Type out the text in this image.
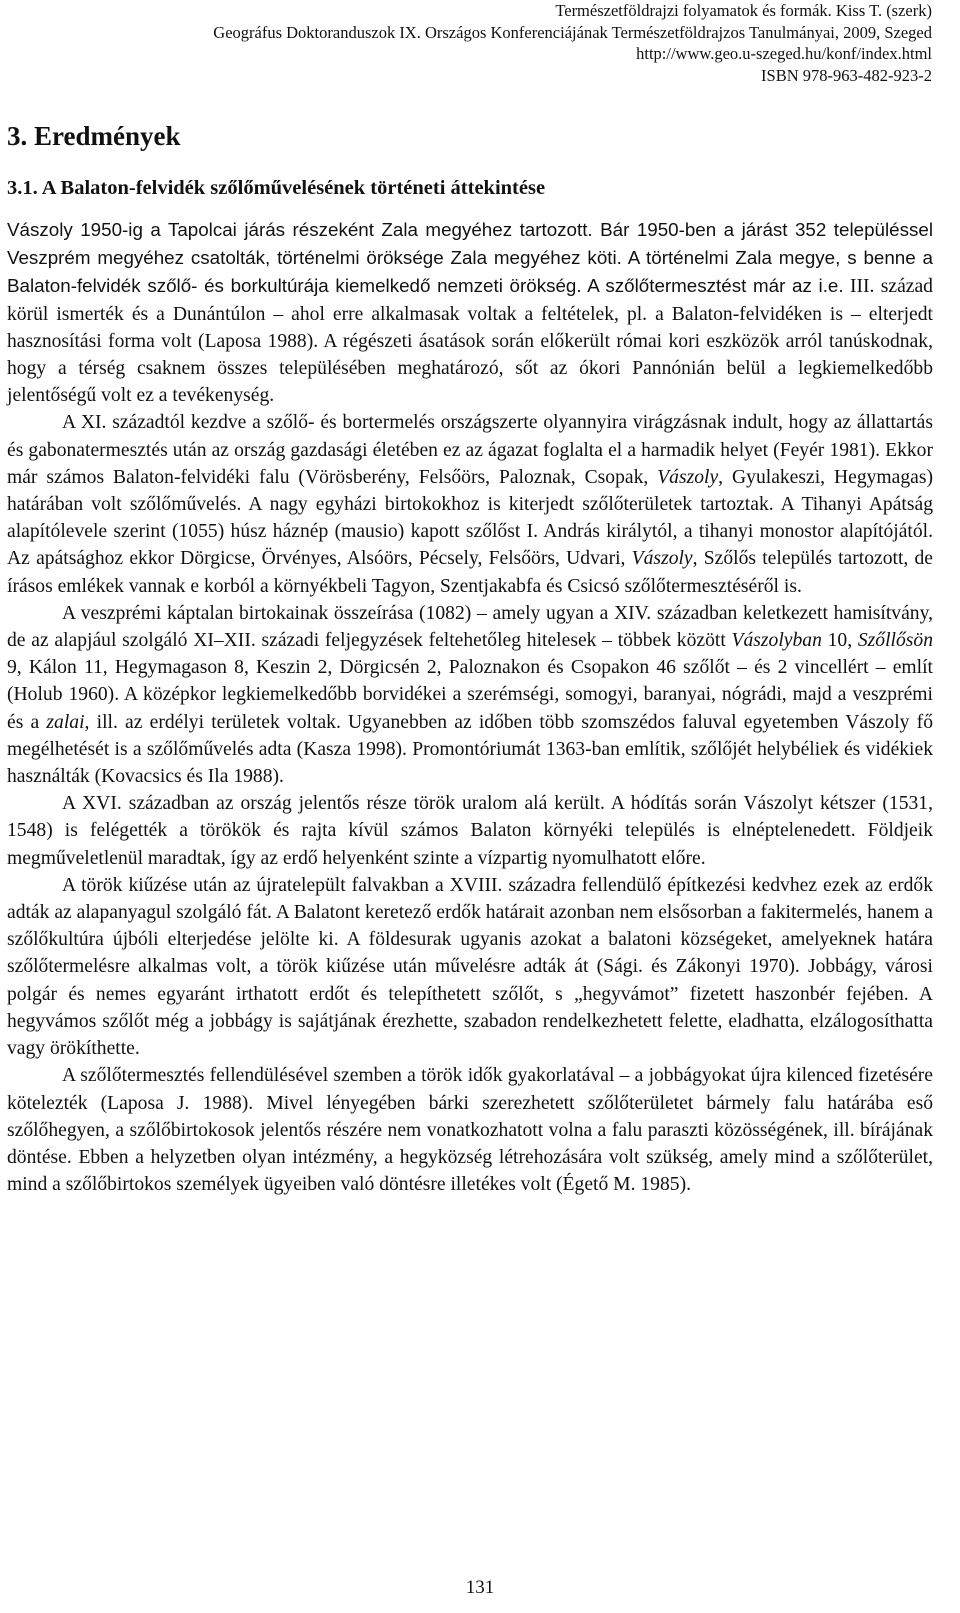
Természetföldrajzi folyamatok és formák. Kiss T. (szerk)
Geográfus Doktoranduszok IX. Országos Konferenciájának Természetföldrajzos Tanulmányai, 2009, Szeged
http://www.geo.u-szeged.hu/konf/index.html
ISBN 978-963-482-923-2
3. Eredmények
3.1. A Balaton-felvidék szőlőművelésének történeti áttekintése

Vászoly 1950-ig a Tapolcai járás részeként Zala megyéhez tartozott. Bár 1950-ben a járást 352 településsel Veszprém megyéhez csatolták, történelmi öröksége Zala megyéhez köti. A történelmi Zala megye, s benne a Balaton-felvidék szőlő- és borkultúrája kiemelkedő nemzeti örökség. A szőlőtermesztést már az i.e. III. század körül ismerték és a Dunántúlon – ahol erre alkalmasak voltak a feltételek, pl. a Balaton-felvidéken is – elterjedt hasznosítási forma volt (Laposa 1988). A régészeti ásatások során előkerült római kori eszközök arról tanúskodnak, hogy a térség csaknem összes településében meghatározó, sőt az ókori Pannónián belül a legkiemelkedőbb jelentőségű volt ez a tevékenység.

A XI. századtól kezdve a szőlő- és bortermelés országszerte olyannyira virágzásnak indult, hogy az állattartás és gabonatermesztés után az ország gazdasági életében ez az ágazat foglalta el a harmadik helyet (Feyér 1981). Ekkor már számos Balaton-felvidéki falu (Vörösberény, Felsőörs, Paloznak, Csopak, Vászoly, Gyulakeszi, Hegymagas) határában volt szőlőművelés. A nagy egyházi birtokokhoz is kiterjedt szőlőterületek tartoztak. A Tihanyi Apátság alapítólevele szerint (1055) húsz háznép (mausio) kapott szőlőst I. András királytól, a tihanyi monostor alapítójától. Az apátsághoz ekkor Dörgicse, Örvényes, Alsóörs, Pécsely, Felsőörs, Udvari, Vászoly, Szőlős település tartozott, de írásos emlékek vannak e korból a környékbeli Tagyon, Szentjakabfa és Csicsó szőlőtermesztéséről is.

A veszprémi káptalan birtokainak összeírása (1082) – amely ugyan a XIV. században keletkezett hamisítvány, de az alapjául szolgáló XI–XII. századi feljegyzések feltehetőleg hitelesek – többek között Vászolyban 10, Szőllősön 9, Kálon 11, Hegymagason 8, Keszin 2, Dörgicsén 2, Paloznakon és Csopakon 46 szőlőt – és 2 vincellért – említ (Holub 1960). A középkor legkiemelkedőbb borvidékei a szerémségi, somogyi, baranyai, nógrádi, majd a veszprémi és a zalai, ill. az erdélyi területek voltak. Ugyanebben az időben több szomszédos faluval egyetemben Vászoly fő megélhetését is a szőlőművelés adta (Kasza 1998). Promontóriumát 1363-ban említik, szőlőjét helybéliek és vidékiek használták (Kovacsics és Ila 1988).

A XVI. században az ország jelentős része török uralom alá került. A hódítás során Vászolyt kétszer (1531, 1548) is felégették a törökök és rajta kívül számos Balaton környéki település is elnéptelenedett. Földjeik megműveletlenül maradtak, így az erdő helyenként szinte a vízpartig nyomulhatott előre.

A török kiűzése után az újratelepült falvakban a XVIII. századra fellendülő építkezési kedvhez ezek az erdők adták az alapanyagul szolgáló fát. A Balatont keretező erdők határait azonban nem elsősorban a fakitermelés, hanem a szőlőkultúra újbóli elterjedése jelölte ki. A földesurak ugyanis azokat a balatoni községeket, amelyeknek határa szőlőtermelésre alkalmas volt, a török kiűzése után művelésre adták át (Sági. és Zákonyi 1970). Jobbágy, városi polgár és nemes egyaránt irthatott erdőt és telepíthetett szőlőt, s „hegyvámot” fizetett haszonbér fejében. A hegyvámos szőlőt még a jobbágy is sajátjának érezhette, szabadon rendelkezhetett felette, eladhatta, elzálogosíthatta vagy örökíthette.

A szőlőtermesztés fellendülésével szemben a török idők gyakorlatával – a jobbágyokat újra kilenced fizetésére kötelezték (Laposa J. 1988). Mivel lényegében bárki szerezhetett szőlőterületet bármely falu határába eső szőlőhegyen, a szőlőbirtokosok jelentős részére nem vonatkozhatott volna a falu paraszti közösségének, ill. bírájának döntése. Ebben a helyzetben olyan intézmény, a hegyközség létrehozására volt szükség, amely mind a szőlőterület, mind a szőlőbirtokos személyek ügyeiben való döntésre illetékes volt (Égető M. 1985).

131
